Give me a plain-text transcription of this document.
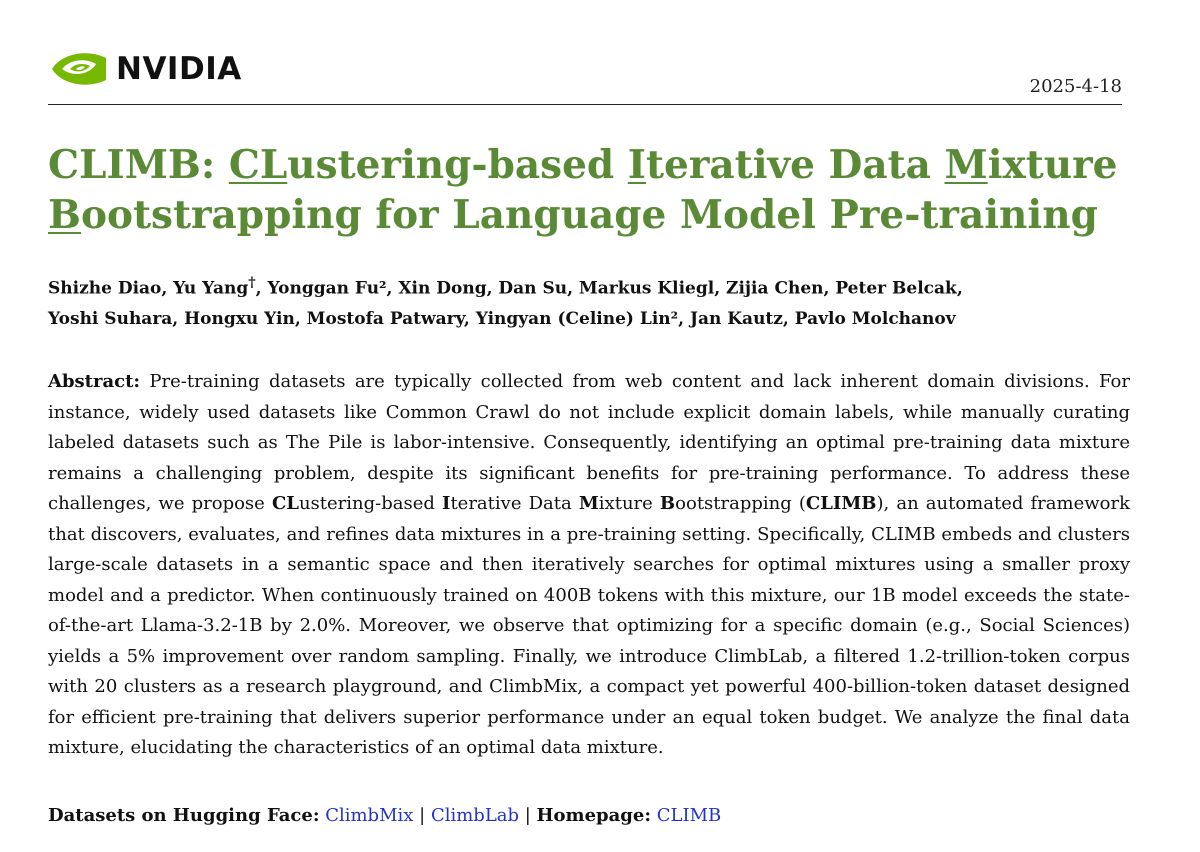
NVIDIA	2025-4-18
CLIMB: CLustering-based Iterative Data Mixture
Bootstrapping for Language Model Pre-training
Shizhe Diao, Yu Yang†, Yonggan Fu², Xin Dong, Dan Su, Markus Kliegl, Zijia Chen, Peter Belcak,
Yoshi Suhara, Hongxu Yin, Mostofa Patwary, Yingyan (Celine) Lin², Jan Kautz, Pavlo Molchanov

Abstract: Pre-training datasets are typically collected from web content and lack inherent domain divisions. For instance, widely used datasets like Common Crawl do not include explicit domain labels, while manually curating labeled datasets such as The Pile is labor-intensive. Consequently, identifying an optimal pre-training data mixture remains a challenging problem, despite its significant benefits for pre-training performance. To address these challenges, we propose CLustering-based Iterative Data Mixture Bootstrapping (CLIMB), an automated framework that discovers, evaluates, and refines data mixtures in a pre-training setting. Specifically, CLIMB embeds and clusters large-scale datasets in a semantic space and then iteratively searches for optimal mixtures using a smaller proxy model and a predictor. When continuously trained on 400B tokens with this mixture, our 1B model exceeds the state-of-the-art Llama-3.2-1B by 2.0%. Moreover, we observe that optimizing for a specific domain (e.g., Social Sciences) yields a 5% improvement over random sampling. Finally, we introduce ClimbLab, a filtered 1.2-trillion-token corpus with 20 clusters as a research playground, and ClimbMix, a compact yet powerful 400-billion-token dataset designed for efficient pre-training that delivers superior performance under an equal token budget. We analyze the final data mixture, elucidating the characteristics of an optimal data mixture.

Datasets on Hugging Face: ClimbMix | ClimbLab | Homepage: CLIMB
